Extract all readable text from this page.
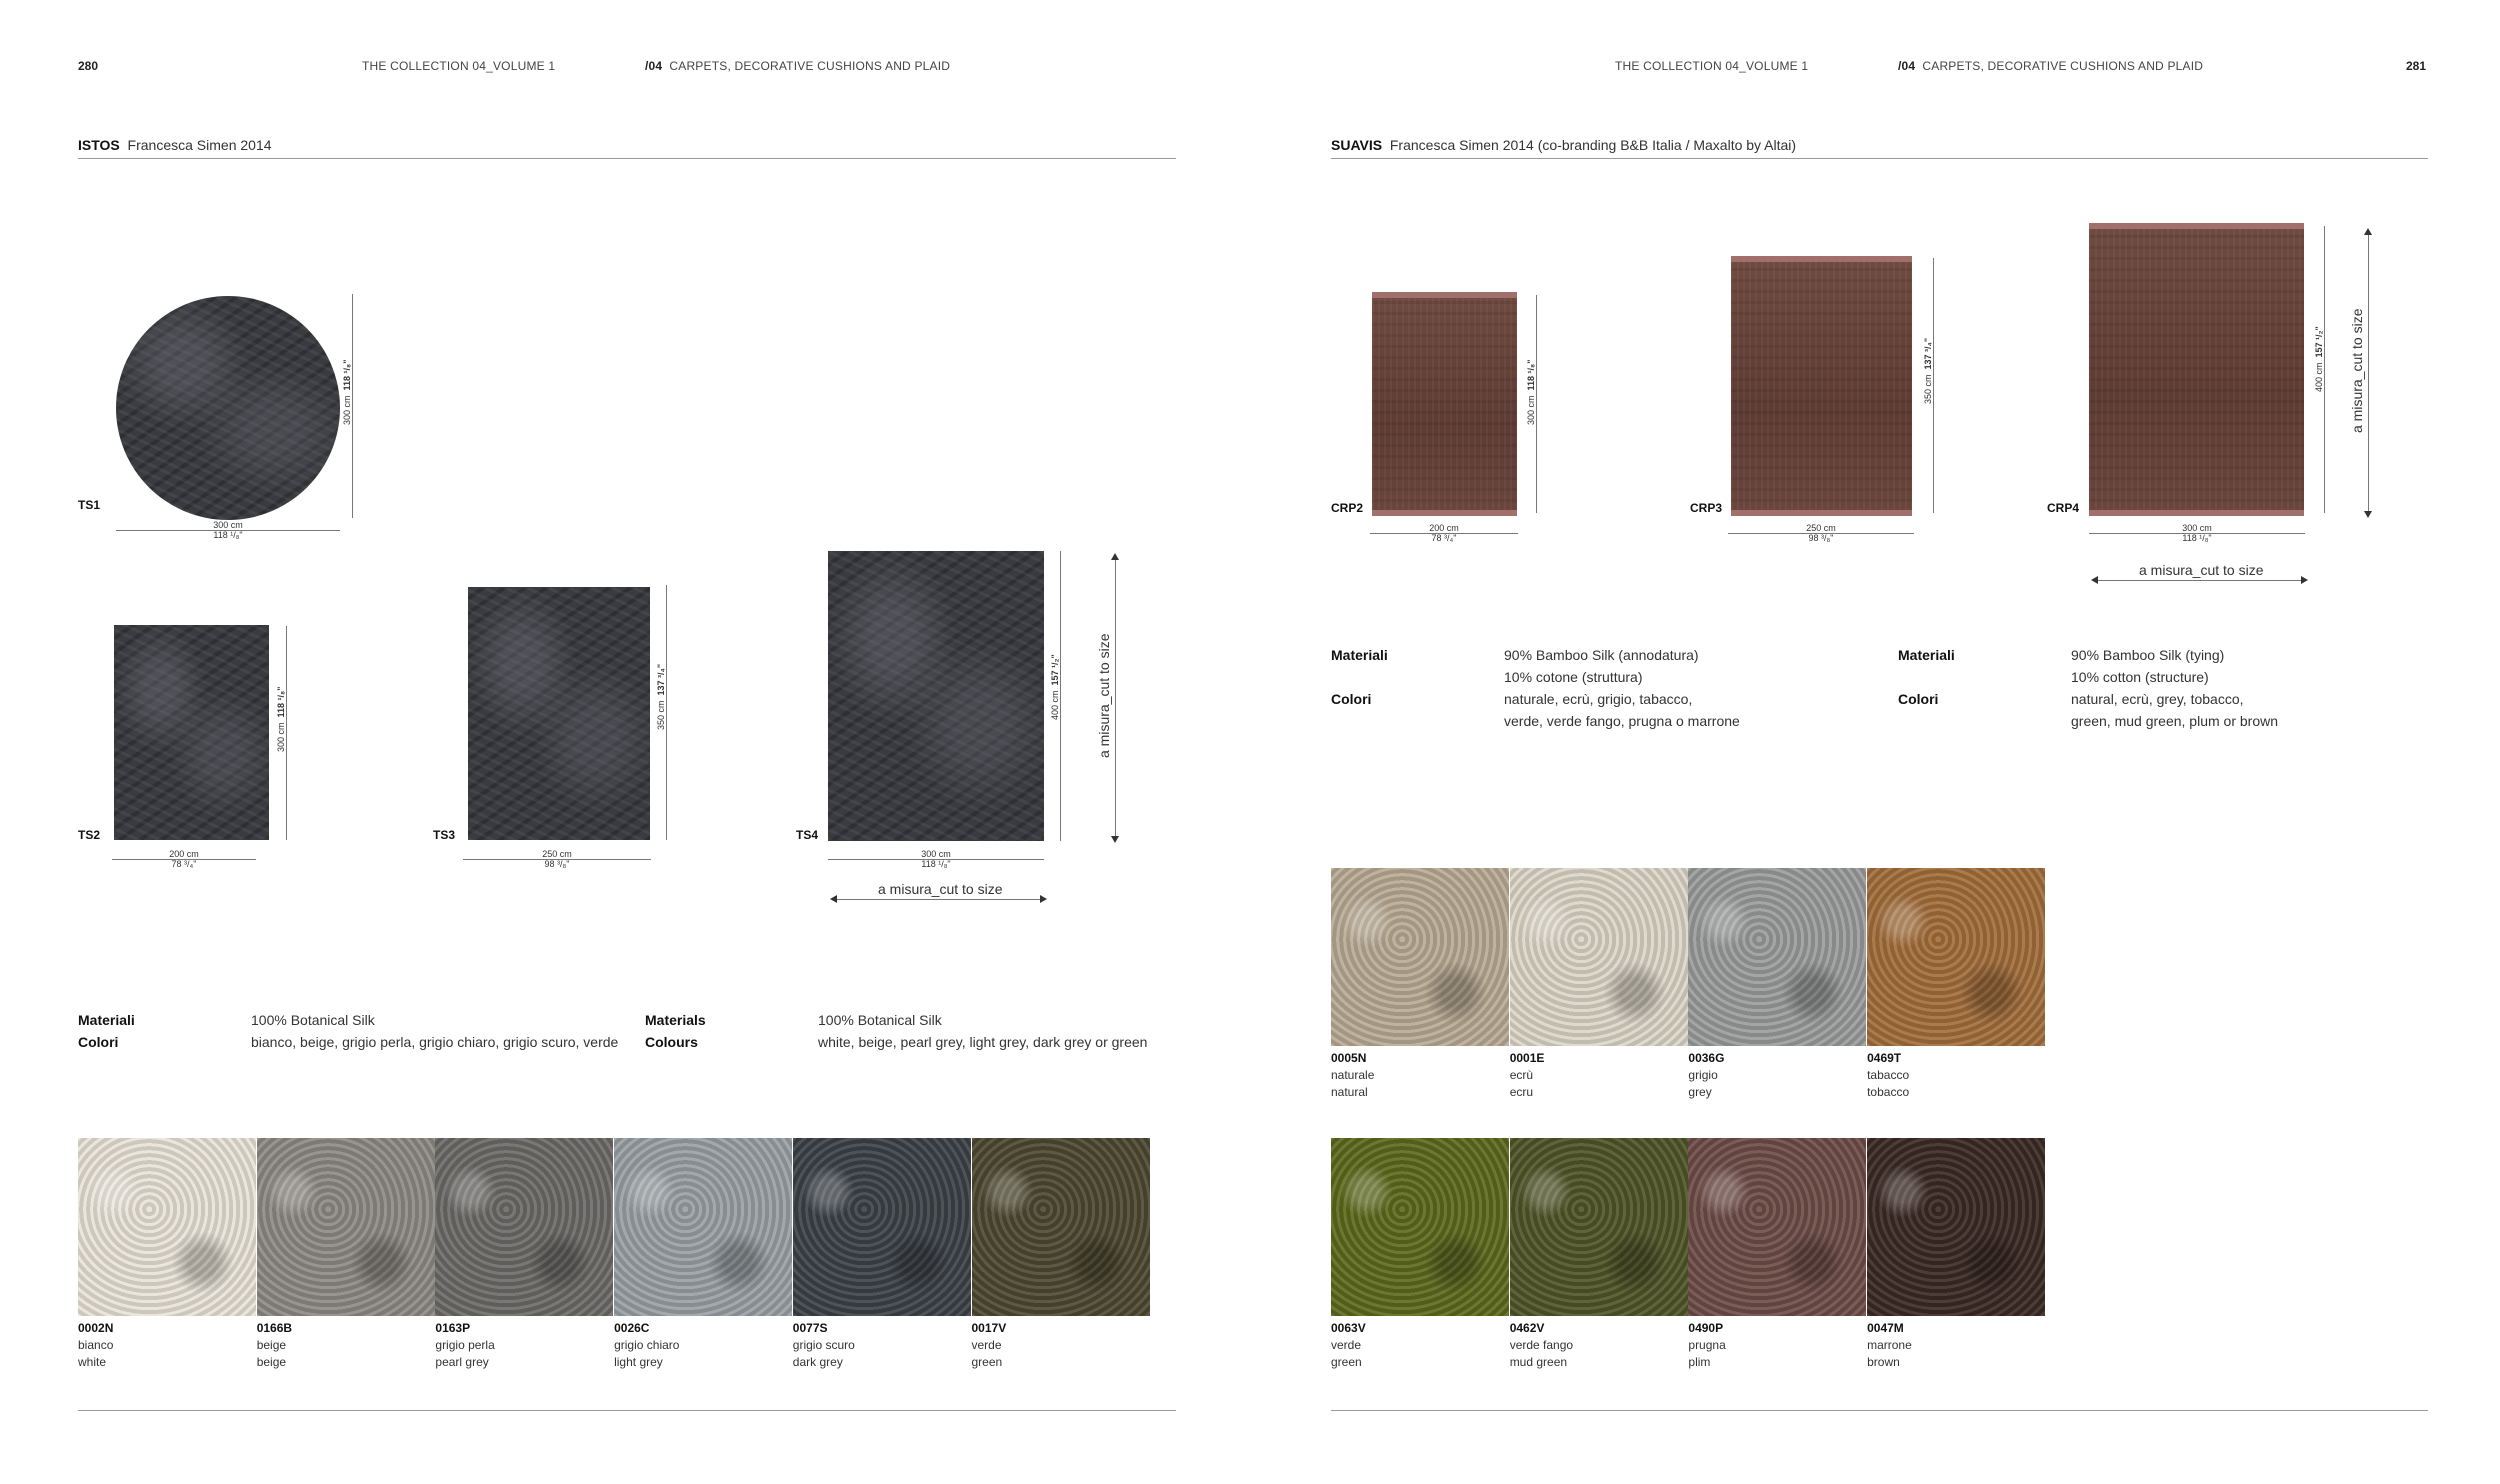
280	THE COLLECTION 04_VOLUME 1	/04 CARPETS, DECORATIVE CUSHIONS AND PLAID
ISTOS Francesca Simen 2014
TS1
300 cm
118 ¹/₈"
300 cm  118 ¹/₈"
TS2
200 cm
78 ³/₄"
300 cm  118 ¹/₈"
TS3
250 cm
98 ³/₈"
350 cm  137 ³/₄"
TS4
300 cm
118 ¹/₈"
400 cm  157 ¹/₂"	a misura_cut to size
a misura_cut to size
Materiali	100% Botanical Silk
Colori	bianco, beige, grigio perla, grigio chiaro, grigio scuro, verde
Materials	100% Botanical Silk
Colours	white, beige, pearl grey, light grey, dark grey or green
0002N
bianco
white
0166B
beige
beige
0163P
grigio perla
pearl grey
0026C
grigio chiaro
light grey
0077S
grigio scuro
dark grey
0017V
verde
green
THE COLLECTION 04_VOLUME 1	/04 CARPETS, DECORATIVE CUSHIONS AND PLAID	281
SUAVIS Francesca Simen 2014 (co-branding B&B Italia / Maxalto by Altai)
CRP2
200 cm
78 ³/₄"
300 cm  118 ¹/₈"
CRP3
250 cm
98 ³/₈"
350 cm  137 ³/₄"
CRP4
300 cm
118 ¹/₈"
400 cm  157 ¹/₂" a misura_cut to size
a misura_cut to size
Materiali	90% Bamboo Silk (annodatura)
10% cotone (struttura)
Colori	naturale, ecrù, grigio, tabacco,
verde, verde fango, prugna o marrone
Materiali	90% Bamboo Silk (tying)
10% cotton (structure)
Colori	natural, ecrù, grey, tobacco,
green, mud green, plum or brown
0005N
naturale
natural
0001E
ecrù
ecru
0036G
grigio
grey
0469T
tabacco
tobacco
0063V
verde
green
0462V
verde fango
mud green
0490P
prugna
plim
0047M
marrone
brown
